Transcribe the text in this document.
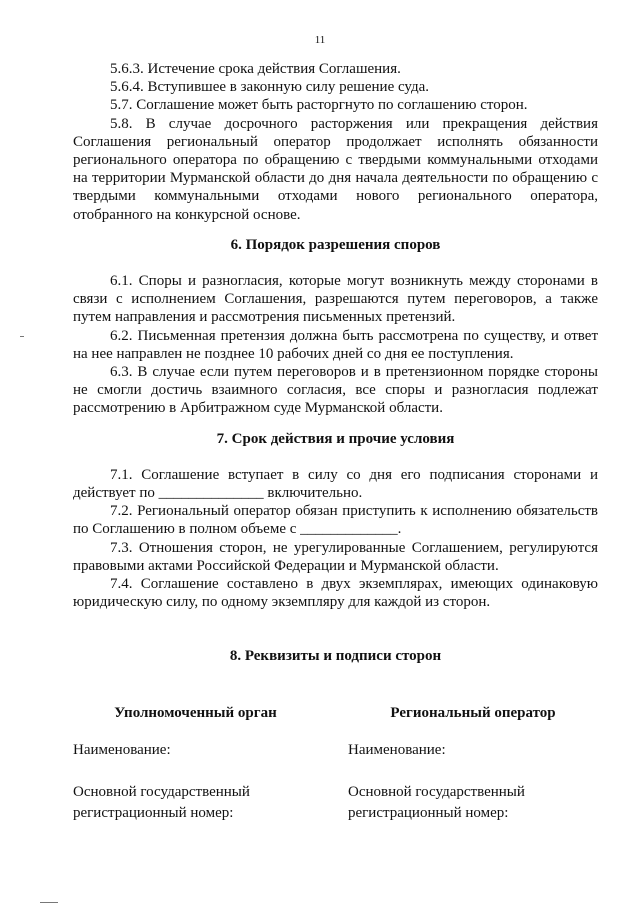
11

5.6.3. Истечение срока действия Соглашения.

5.6.4. Вступившее в законную силу решение суда.

5.7. Соглашение может быть расторгнуто по соглашению сторон.

5.8. В случае досрочного расторжения или прекращения действия Соглашения региональный оператор продолжает исполнять обязанности регионального оператора по обращению с твердыми коммунальными отходами на территории Мурманской области до дня начала деятельности по обращению с твердыми коммунальными отходами нового регионального оператора, отобранного на конкурсной основе.

6. Порядок разрешения споров

6.1. Споры и разногласия, которые могут возникнуть между сторонами в связи с исполнением Соглашения, разрешаются путем переговоров, а также путем направления и рассмотрения письменных претензий.

6.2. Письменная претензия должна быть рассмотрена по существу, и ответ на нее направлен не позднее 10 рабочих дней со дня ее поступления.

6.3. В случае если путем переговоров и в претензионном порядке стороны не смогли достичь взаимного согласия, все споры и разногласия подлежат рассмотрению в Арбитражном суде Мурманской области.

7. Срок действия и прочие условия

7.1. Соглашение вступает в силу со дня его подписания сторонами и действует по ______________ включительно.

7.2. Региональный оператор обязан приступить к исполнению обязательств по Соглашению в полном объеме с _____________.

7.3. Отношения сторон, не урегулированные Соглашением, регулируются правовыми актами Российской Федерации и Мурманской области.

7.4. Соглашение составлено в двух экземплярах, имеющих одинаковую юридическую силу, по одному экземпляру для каждой из сторон.

8. Реквизиты и подписи сторон

Уполномоченный орган

Наименование:

Основной государственный

регистрационный номер:

Региональный оператор

Наименование:

Основной государственный

регистрационный номер:
